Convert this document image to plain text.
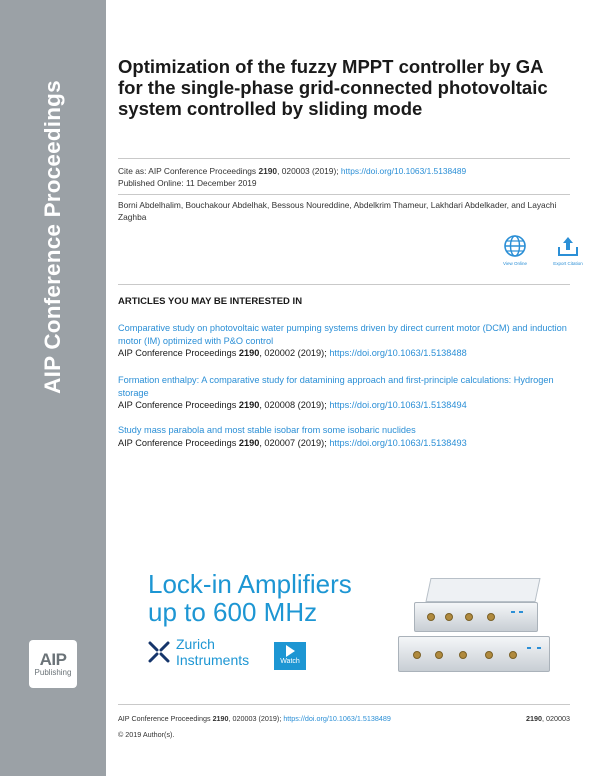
AIP Conference Proceedings
AIP
Publishing
Optimization of the fuzzy MPPT controller by GA for the single-phase grid-connected photovoltaic system controlled by sliding mode
Cite as: AIP Conference Proceedings 2190, 020003 (2019); https://doi.org/10.1063/1.5138489
Published Online: 11 December 2019
Borni Abdelhalim, Bouchakour Abdelhak, Bessous Noureddine, Abdelkrim Thameur, Lakhdari Abdelkader, and Layachi Zaghba
View Online	Export Citation
ARTICLES YOU MAY BE INTERESTED IN
Comparative study on photovoltaic water pumping systems driven by direct current motor (DCM) and induction motor (IM) optimized with P&O control
AIP Conference Proceedings 2190, 020002 (2019); https://doi.org/10.1063/1.5138488
Formation enthalpy: A comparative study for datamining approach and first-principle calculations: Hydrogen storage
AIP Conference Proceedings 2190, 020008 (2019); https://doi.org/10.1063/1.5138494
Study mass parabola and most stable isobar from some isobaric nuclides
AIP Conference Proceedings 2190, 020007 (2019); https://doi.org/10.1063/1.5138493
Lock-in Amplifiers
up to 600 MHz
Zurich
Instruments	Watch
AIP Conference Proceedings 2190, 020003 (2019); https://doi.org/10.1063/1.5138489	2190, 020003
© 2019 Author(s).
